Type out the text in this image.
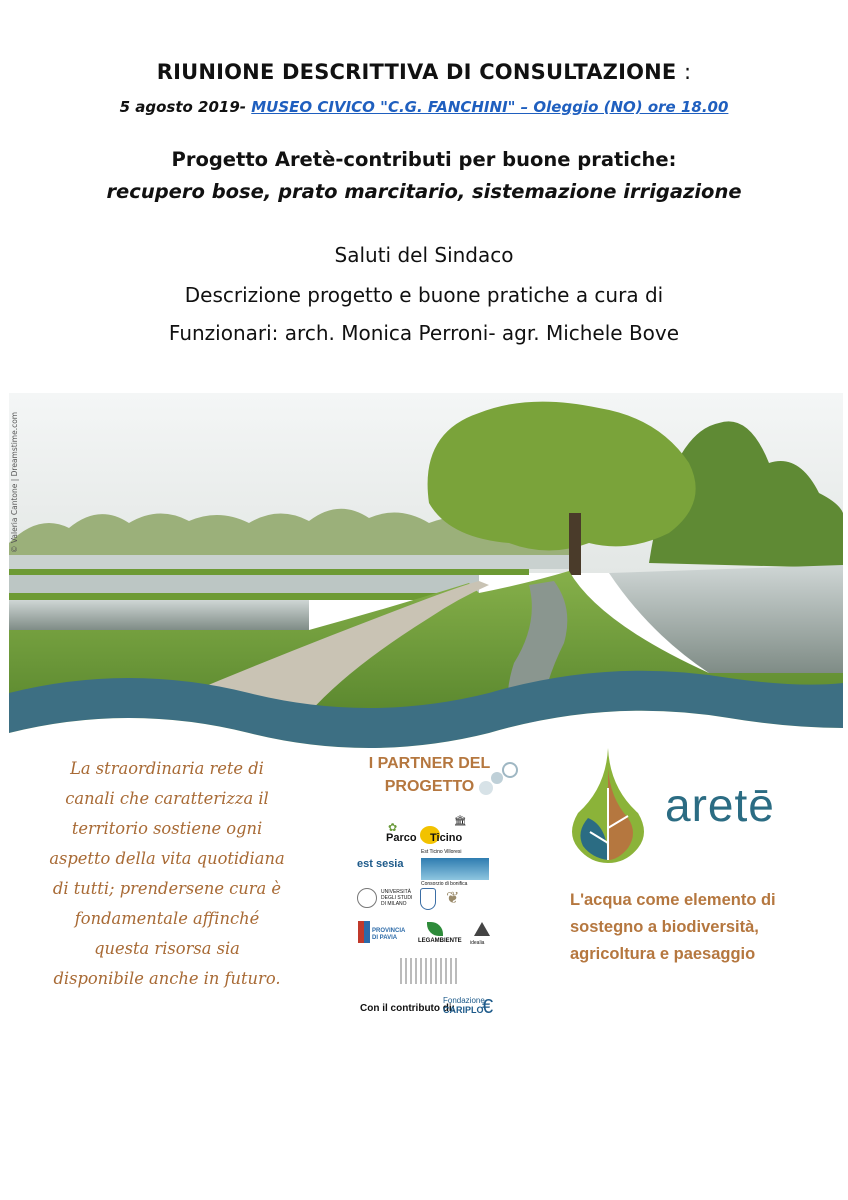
RIUNIONE DESCRITTIVA DI CONSULTAZIONE :
5 agosto 2019- MUSEO CIVICO "C.G. FANCHINI" – Oleggio (NO) ore 18.00
Progetto Aretè-contributi per buone pratiche:
recupero bose, prato marcitario, sistemazione irrigazione
Saluti del Sindaco
Descrizione progetto e buone pratiche a cura di
Funzionari: arch. Monica Perroni- agr. Michele Bove
© Valeria Cantone | Dreamstime.com
La straordinaria rete di
canali che caratterizza il
territorio sostiene ogni
aspetto della vita quotidiana
di tutti; prendersene cura è
fondamentale affinché
questa risorsa sia
disponibile anche in futuro.
I PARTNER DEL
PROGETTO
✿
Parco Ticino
🏛
est sesia
Est Ticino Villoresi
Consorzio di bonifica
UNIVERSITÀ DEGLI STUDI DI MILANO	❦
PROVINCIA DI PAVIA	LEGAMBIENTE idealia
Con il contributo di:
Fondazione
CARIPLO
€
aretē
L'acqua come elemento di
sostegno a biodiversità,
agricoltura e paesaggio
